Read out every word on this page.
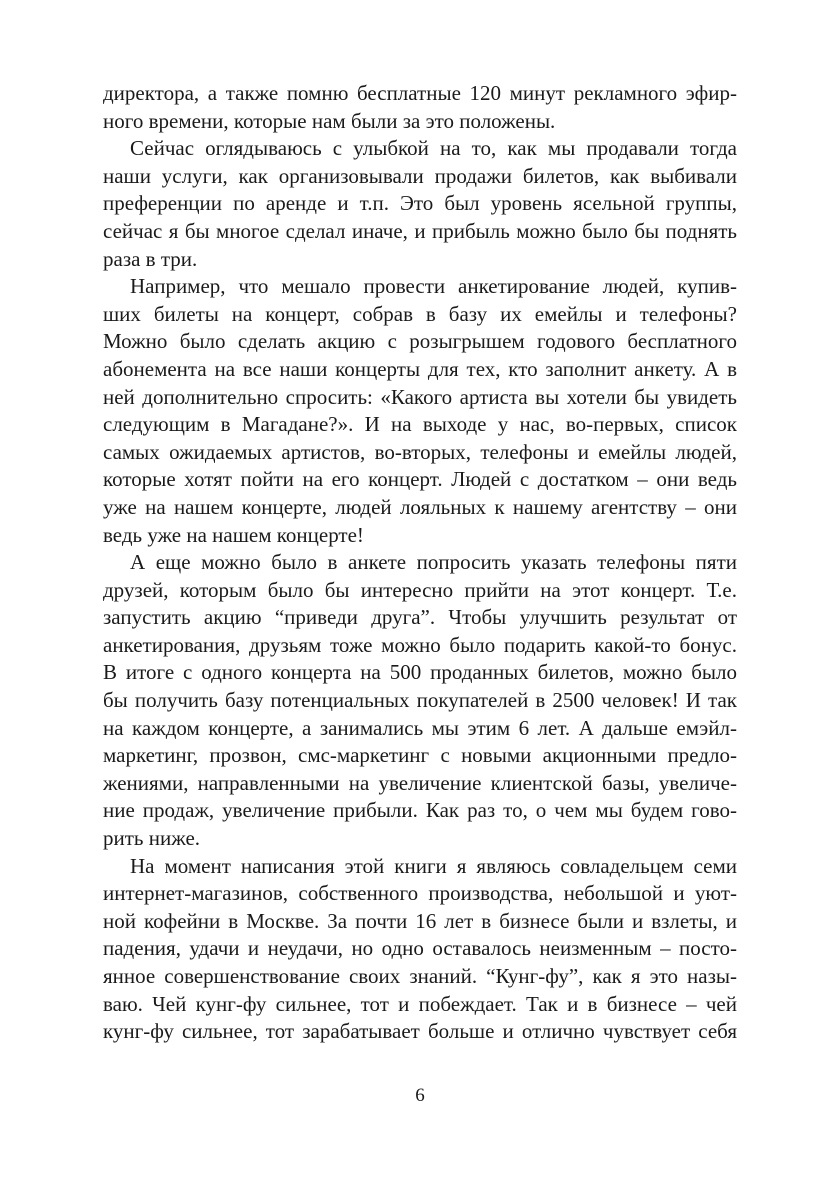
директора, а также помню бесплатные 120 минут рекламного эфир-
ного времени, которые нам были за это положены.
Сейчас оглядываюсь с улыбкой на то, как мы продавали тогда
наши услуги, как организовывали продажи билетов, как выбивали
преференции по аренде и т.п. Это был уровень ясельной группы,
сейчас я бы многое сделал иначе, и прибыль можно было бы поднять
раза в три.
Например, что мешало провести анкетирование людей, купив-
ших билеты на концерт, собрав в базу их емейлы и телефоны?
Можно было сделать акцию с розыгрышем годового бесплатного
абонемента на все наши концерты для тех, кто заполнит анкету. А в
ней дополнительно спросить: «Какого артиста вы хотели бы увидеть
следующим в Магадане?». И на выходе у нас, во-первых, список
самых ожидаемых артистов, во-вторых, телефоны и емейлы людей,
которые хотят пойти на его концерт. Людей с достатком – они ведь
уже на нашем концерте, людей лояльных к нашему агентству – они
ведь уже на нашем концерте!
А еще можно было в анкете попросить указать телефоны пяти
друзей, которым было бы интересно прийти на этот концерт. Т.е.
запустить акцию “приведи друга”. Чтобы улучшить результат от
анкетирования, друзьям тоже можно было подарить какой-то бонус.
В итоге с одного концерта на 500 проданных билетов, можно было
бы получить базу потенциальных покупателей в 2500 человек! И так
на каждом концерте, а занимались мы этим 6 лет. А дальше емэйл-
маркетинг, прозвон, смс-маркетинг с новыми акционными предло-
жениями, направленными на увеличение клиентской базы, увеличе-
ние продаж, увеличение прибыли. Как раз то, о чем мы будем гово-
рить ниже.
На момент написания этой книги я являюсь совладельцем семи
интернет-магазинов, собственного производства, небольшой и уют-
ной кофейни в Москве. За почти 16 лет в бизнесе были и взлеты, и
падения, удачи и неудачи, но одно оставалось неизменным – посто-
янное совершенствование своих знаний. “Кунг-фу”, как я это назы-
ваю. Чей кунг-фу сильнее, тот и побеждает. Так и в бизнесе – чей
кунг-фу сильнее, тот зарабатывает больше и отлично чувствует себя
6
